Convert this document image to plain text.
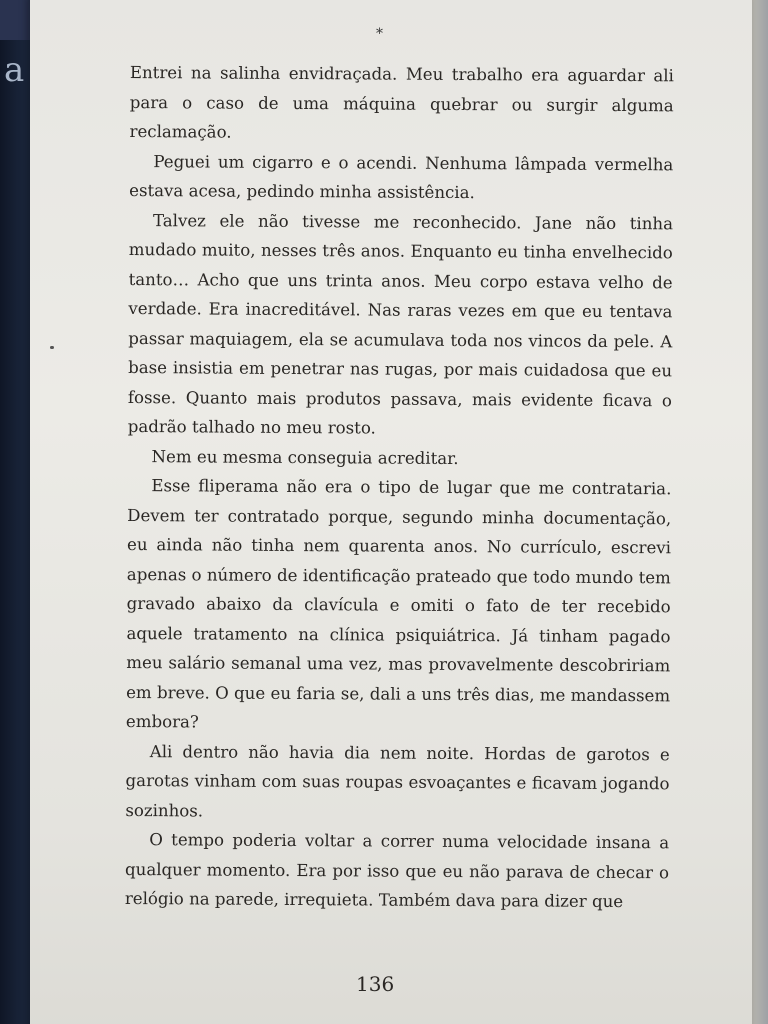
a
*

Entrei na salinha envidraçada. Meu trabalho era aguardar ali para o caso de uma máquina quebrar ou surgir alguma reclamação.

Peguei um cigarro e o acendi. Nenhuma lâmpada vermelha estava acesa, pedindo minha assistência.

Talvez ele não tivesse me reconhecido. Jane não tinha mudado muito, nesses três anos. Enquanto eu tinha envelhecido tanto… Acho que uns trinta anos. Meu corpo estava velho de verdade. Era inacreditável. Nas raras vezes em que eu tentava passar maquiagem, ela se acumulava toda nos vincos da pele. A base insistia em penetrar nas rugas, por mais cuidadosa que eu fosse. Quanto mais produtos passava, mais evidente ficava o padrão talhado no meu rosto.

Nem eu mesma conseguia acreditar.

Esse fliperama não era o tipo de lugar que me contrataria. Devem ter contratado porque, segundo minha documentação, eu ainda não tinha nem quarenta anos. No currículo, escrevi apenas o número de identificação prateado que todo mundo tem gravado abaixo da clavícula e omiti o fato de ter recebido aquele tratamento na clínica psiquiátrica. Já tinham pagado meu salário semanal uma vez, mas provavelmente descobririam em breve. O que eu faria se, dali a uns três dias, me mandassem embora?

Ali dentro não havia dia nem noite. Hordas de garotos e garotas vinham com suas roupas esvoaçantes e ficavam jogando sozinhos.

O tempo poderia voltar a correr numa velocidade insana a qualquer momento. Era por isso que eu não parava de checar o relógio na parede, irrequieta. Também dava para dizer que

136
